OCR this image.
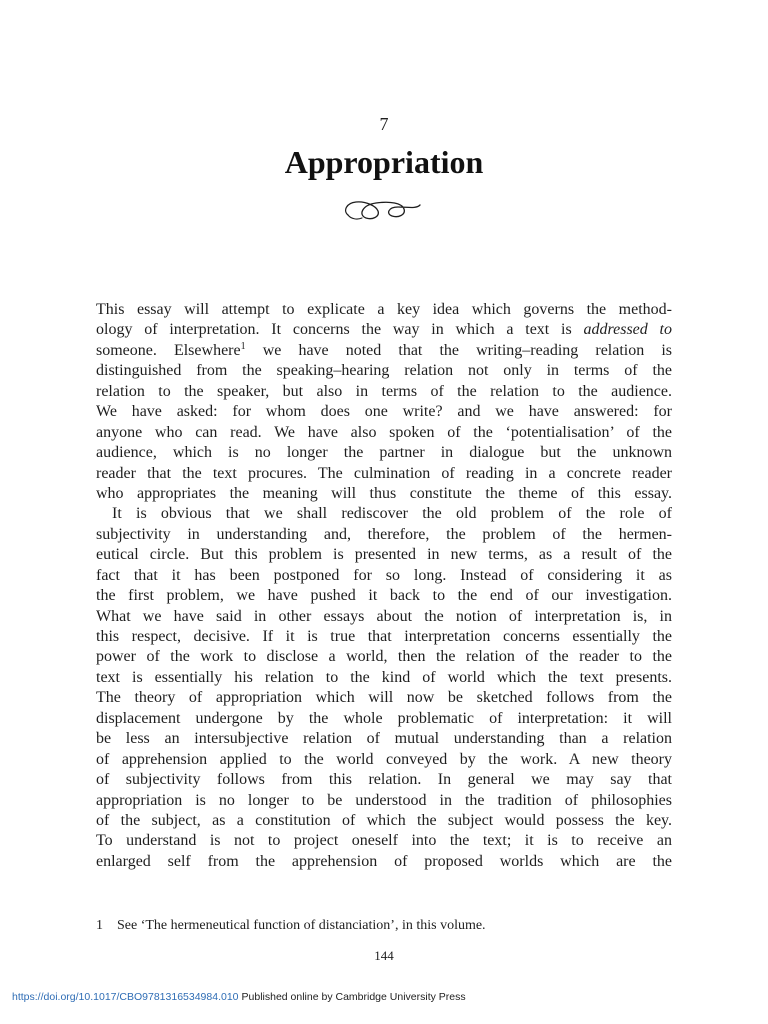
7
Appropriation
This essay will attempt to explicate a key idea which governs the method-
ology of interpretation. It concerns the way in which a text is addressed to
someone. Elsewhere$^1$ we have noted that the writing–reading relation is
distinguished from the speaking–hearing relation not only in terms of the
relation to the speaker, but also in terms of the relation to the audience.
We have asked: for whom does one write? and we have answered: for
anyone who can read. We have also spoken of the ‘potentialisation’ of the
audience, which is no longer the partner in dialogue but the unknown
reader that the text procures. The culmination of reading in a concrete reader
who appropriates the meaning will thus constitute the theme of this essay.
It is obvious that we shall rediscover the old problem of the role of
subjectivity in understanding and, therefore, the problem of the hermen-
eutical circle. But this problem is presented in new terms, as a result of the
fact that it has been postponed for so long. Instead of considering it as
the first problem, we have pushed it back to the end of our investigation.
What we have said in other essays about the notion of interpretation is, in
this respect, decisive. If it is true that interpretation concerns essentially the
power of the work to disclose a world, then the relation of the reader to the
text is essentially his relation to the kind of world which the text presents.
The theory of appropriation which will now be sketched follows from the
displacement undergone by the whole problematic of interpretation: it will
be less an intersubjective relation of mutual understanding than a relation
of apprehension applied to the world conveyed by the work. A new theory
of subjectivity follows from this relation. In general we may say that
appropriation is no longer to be understood in the tradition of philosophies
of the subject, as a constitution of which the subject would possess the key.
To understand is not to project oneself into the text; it is to receive an
enlarged self from the apprehension of proposed worlds which are the
1 See ‘The hermeneutical function of distanciation’, in this volume.
144
https://doi.org/10.1017/CBO9781316534984.010 Published online by Cambridge University Press
